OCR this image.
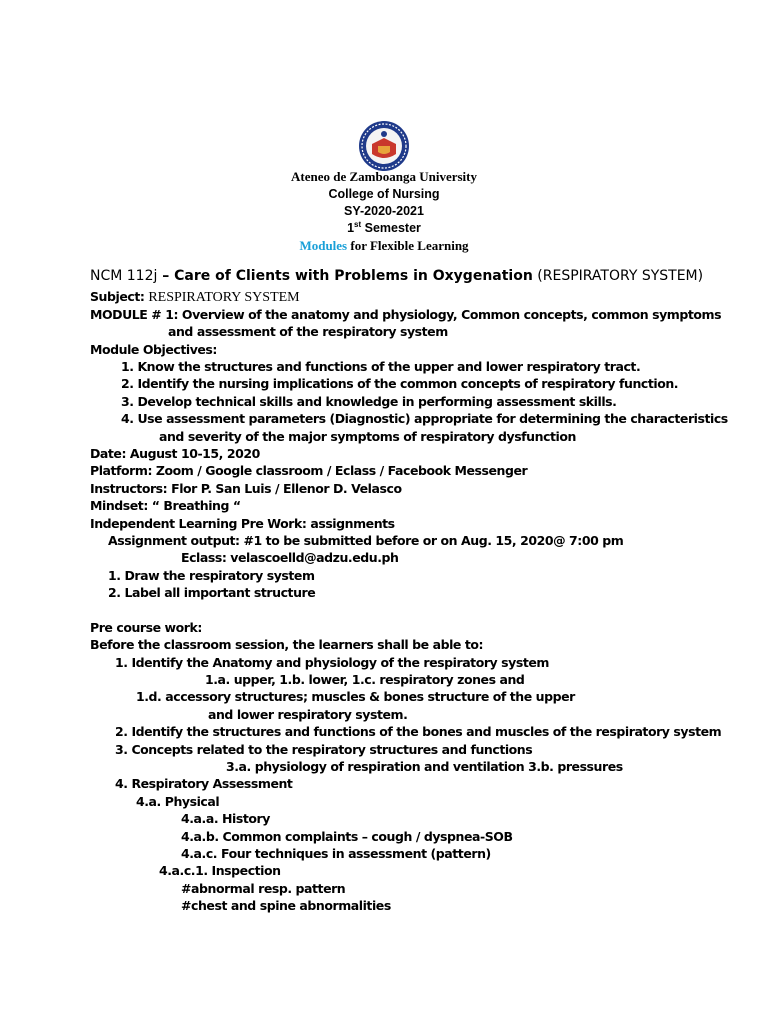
Ateneo de Zamboanga University
College of Nursing
SY-2020-2021
1st Semester
Modules for Flexible Learning
NCM 112j – Care of Clients with Problems in Oxygenation (RESPIRATORY SYSTEM)
Subject: RESPIRATORY SYSTEM
MODULE # 1: Overview of the anatomy and physiology, Common concepts, common symptoms
and assessment of the respiratory system
Module Objectives:
1. Know the structures and functions of the upper and lower respiratory tract.
2. Identify the nursing implications of the common concepts of respiratory function.
3. Develop technical skills and knowledge in performing assessment skills.
4. Use assessment parameters (Diagnostic) appropriate for determining the characteristics
and severity of the major symptoms of respiratory dysfunction
Date: August 10-15, 2020
Platform: Zoom / Google classroom / Eclass / Facebook Messenger
Instructors: Flor P. San Luis / Ellenor D. Velasco
Mindset: “ Breathing “
Independent Learning Pre Work: assignments
Assignment output: #1 to be submitted before or on Aug. 15, 2020@ 7:00 pm
Eclass: velascoelld@adzu.edu.ph
1. Draw the respiratory system
2. Label all important structure
Pre course work:
Before the classroom session, the learners shall be able to:
1. Identify the Anatomy and physiology of the respiratory system
1.a. upper, 1.b. lower, 1.c. respiratory zones and
1.d. accessory structures; muscles & bones structure of the upper
and lower respiratory system.
2. Identify the structures and functions of the bones and muscles of the respiratory system
3. Concepts related to the respiratory structures and functions
3.a. physiology of respiration and ventilation 3.b. pressures
4. Respiratory Assessment
4.a. Physical
4.a.a. History
4.a.b. Common complaints – cough / dyspnea-SOB
4.a.c. Four techniques in assessment (pattern)
4.a.c.1. Inspection
#abnormal resp. pattern
#chest and spine abnormalities
